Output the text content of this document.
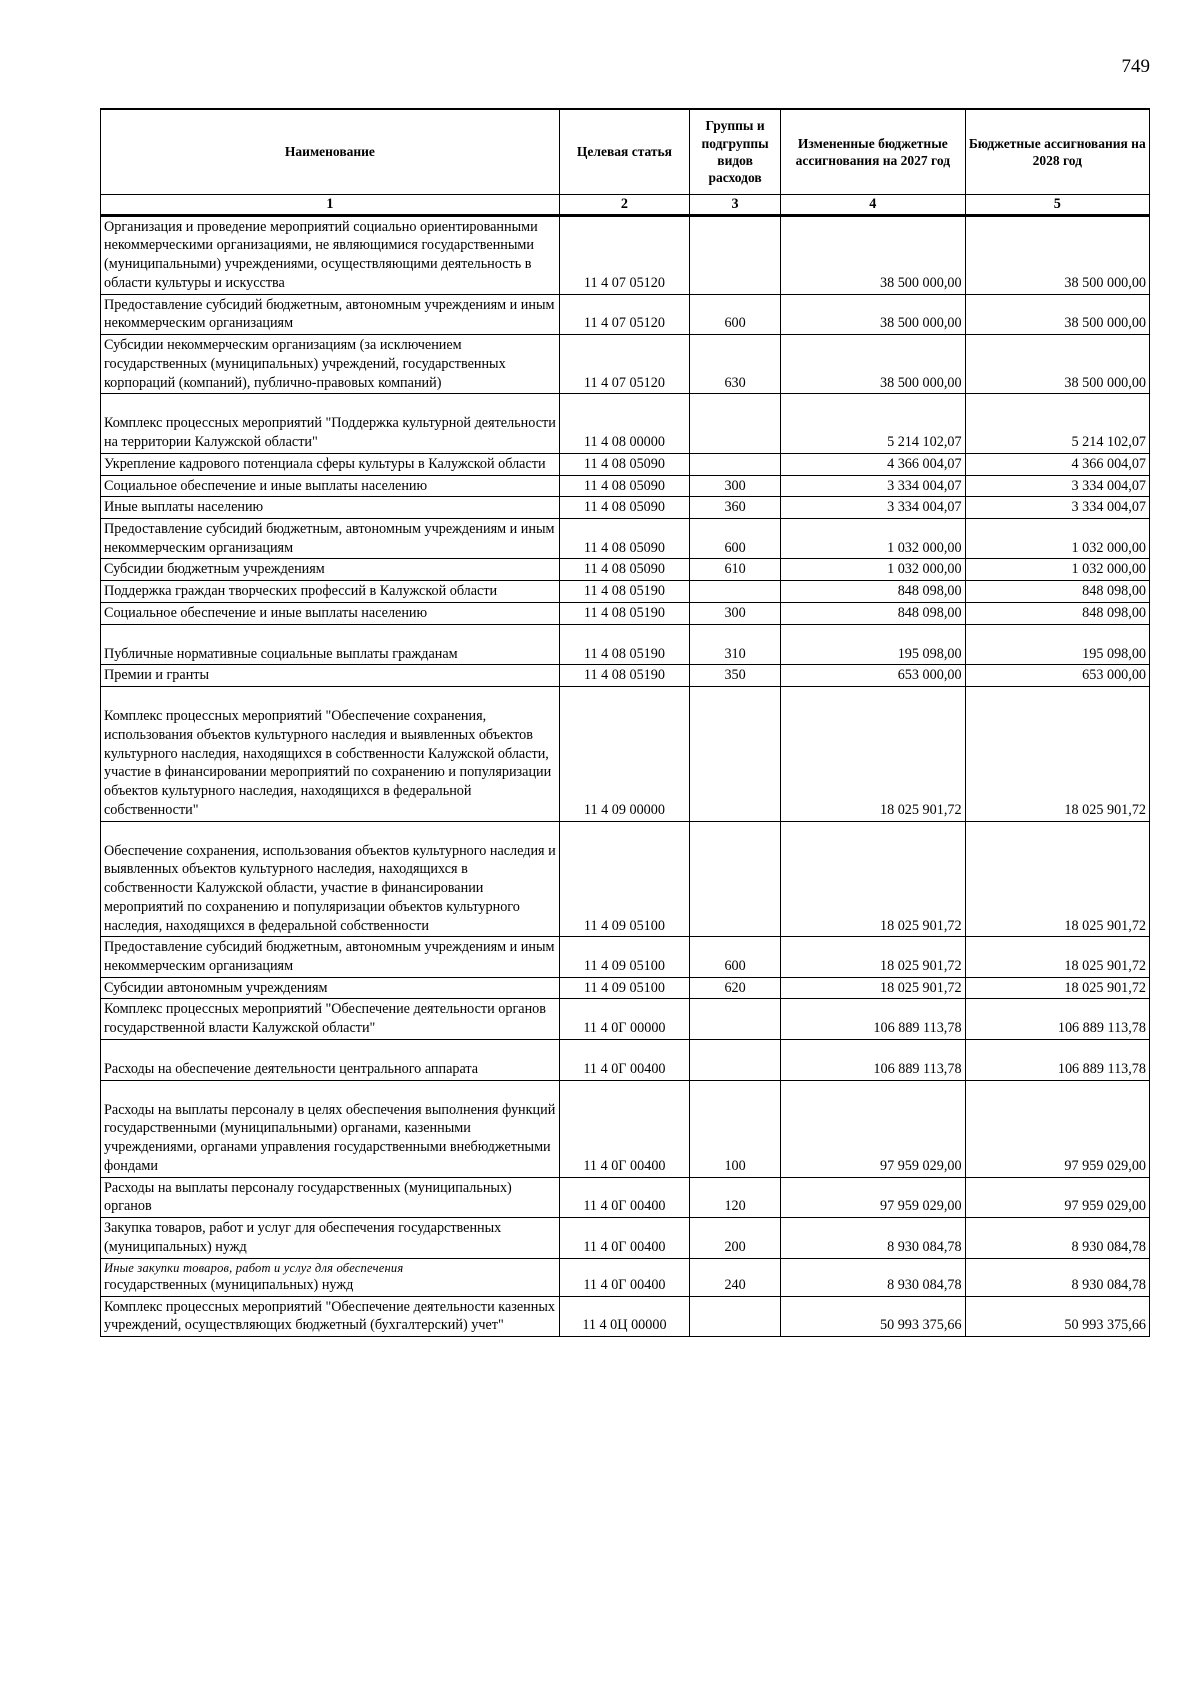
749
Наименование	Целевая статья	Группы и подгруппы видов расходов	Измененные бюджетные ассигнования на 2027 год	Бюджетные ассигнования на 2028 год
1	2	3	4	5
Организация и проведение мероприятий социально ориентированными некоммерческими организациями, не являющимися государственными (муниципальными) учреждениями, осуществляющими деятельность в области культуры и искусства	11 4 07 05120		38 500 000,00	38 500 000,00
Предоставление субсидий бюджетным, автономным учреждениям и иным некоммерческим организациям	11 4 07 05120	600	38 500 000,00	38 500 000,00
Субсидии некоммерческим организациям (за исключением государственных (муниципальных) учреждений, государственных корпораций (компаний), публично-правовых компаний)	11 4 07 05120	630	38 500 000,00	38 500 000,00
Комплекс процессных мероприятий "Поддержка культурной деятельности на территории Калужской области"	11 4 08 00000		5 214 102,07	5 214 102,07
Укрепление кадрового потенциала сферы культуры в Калужской области	11 4 08 05090		4 366 004,07	4 366 004,07
Социальное обеспечение и иные выплаты населению	11 4 08 05090	300	3 334 004,07	3 334 004,07
Иные выплаты населению	11 4 08 05090	360	3 334 004,07	3 334 004,07
Предоставление субсидий бюджетным, автономным учреждениям и иным некоммерческим организациям	11 4 08 05090	600	1 032 000,00	1 032 000,00
Субсидии бюджетным учреждениям	11 4 08 05090	610	1 032 000,00	1 032 000,00
Поддержка граждан творческих профессий в Калужской области	11 4 08 05190		848 098,00	848 098,00
Социальное обеспечение и иные выплаты населению	11 4 08 05190	300	848 098,00	848 098,00
Публичные нормативные социальные выплаты гражданам	11 4 08 05190	310	195 098,00	195 098,00
Премии и гранты	11 4 08 05190	350	653 000,00	653 000,00
Комплекс процессных мероприятий "Обеспечение сохранения, использования объектов культурного наследия и выявленных объектов культурного наследия, находящихся в собственности Калужской области, участие в финансировании мероприятий по сохранению и популяризации объектов культурного наследия, находящихся в федеральной собственности"	11 4 09 00000		18 025 901,72	18 025 901,72
Обеспечение сохранения, использования объектов культурного наследия и выявленных объектов культурного наследия, находящихся в собственности Калужской области, участие в финансировании мероприятий по сохранению и популяризации объектов культурного наследия, находящихся в федеральной собственности	11 4 09 05100		18 025 901,72	18 025 901,72
Предоставление субсидий бюджетным, автономным учреждениям и иным некоммерческим организациям	11 4 09 05100	600	18 025 901,72	18 025 901,72
Субсидии автономным учреждениям	11 4 09 05100	620	18 025 901,72	18 025 901,72
Комплекс процессных мероприятий "Обеспечение деятельности органов государственной власти Калужской области"	11 4 0Г 00000		106 889 113,78	106 889 113,78
Расходы на обеспечение деятельности центрального аппарата	11 4 0Г 00400		106 889 113,78	106 889 113,78
Расходы на выплаты персоналу в целях обеспечения выполнения функций государственными (муниципальными) органами, казенными учреждениями, органами управления государственными внебюджетными фондами	11 4 0Г 00400	100	97 959 029,00	97 959 029,00
Расходы на выплаты персоналу государственных (муниципальных) органов	11 4 0Г 00400	120	97 959 029,00	97 959 029,00
Закупка товаров, работ и услуг для обеспечения государственных (муниципальных) нужд	11 4 0Г 00400	200	8 930 084,78	8 930 084,78

Иные закупки товаров, работ и услуг для обеспечения
государственных (муниципальных) нужд	11 4 0Г 00400	240	8 930 084,78	8 930 084,78
Комплекс процессных мероприятий "Обеспечение деятельности казенных учреждений, осуществляющих бюджетный (бухгалтерский) учет"	11 4 0Ц 00000		50 993 375,66	50 993 375,66
